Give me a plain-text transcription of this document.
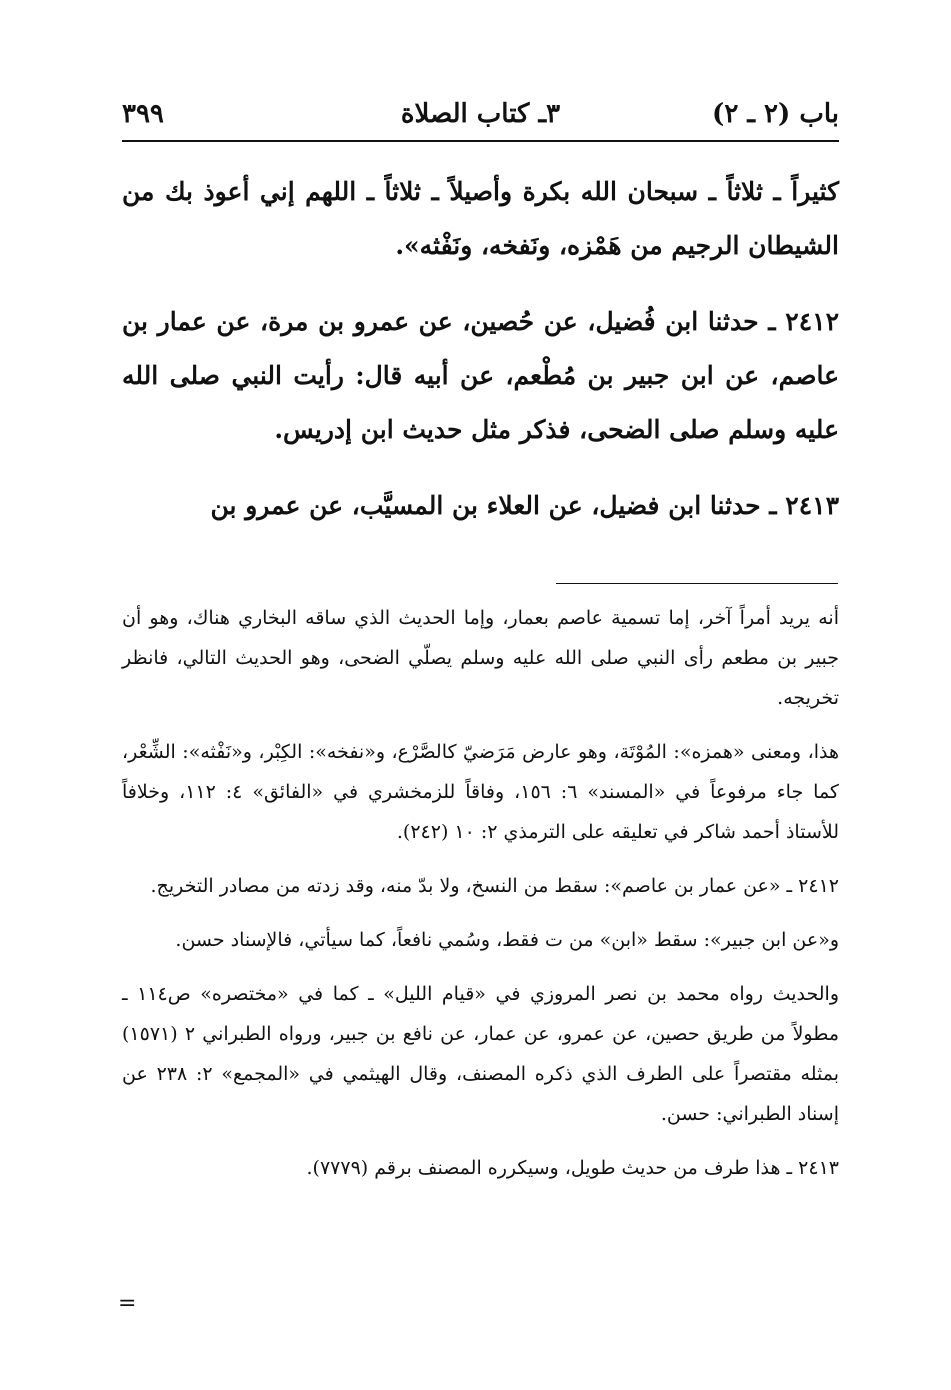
باب (٢ ـ ٢)
٣ـ كتاب الصلاة
٣٩٩

كثيراً ـ ثلاثاً ـ سبحان الله بكرة وأصيلاً ـ ثلاثاً ـ اللهم إني أعوذ بك من الشيطان الرجيم من هَمْزه، ونَفخه، ونَفْثه».

٢٤١٢ ـ حدثنا ابن فُضيل، عن حُصين، عن عمرو بن مرة، عن عمار بن عاصم، عن ابن جبير بن مُطْعم، عن أبيه قال: رأيت النبي صلى الله عليه وسلم صلى الضحى، فذكر مثل حديث ابن إدريس.

٢٤١٣ ـ حدثنا ابن فضيل، عن العلاء بن المسيَّب، عن عمرو بن

أنه يريد أمراً آخر، إما تسمية عاصم بعمار، وإما الحديث الذي ساقه البخاري هناك، وهو أن جبير بن مطعم رأى النبي صلى الله عليه وسلم يصلّي الضحى، وهو الحديث التالي، فانظر تخريجه.

هذا، ومعنى «همزه»: المُوْتَة، وهو عارض مَرَضيّ كالصَّرْع، و«نفخه»: الكِبْر، و«نَفْثه»: الشِّعْر، كما جاء مرفوعاً في «المسند» ٦: ١٥٦، وفاقاً للزمخشري في «الفائق» ٤: ١١٢، وخلافاً للأستاذ أحمد شاكر في تعليقه على الترمذي ٢: ١٠ (٢٤٢).

٢٤١٢ ـ «عن عمار بن عاصم»: سقط من النسخ، ولا بدّ منه، وقد زدته من مصادر التخريج.

و«عن ابن جبير»: سقط «ابن» من ت فقط، وسُمي نافعاً، كما سيأتي، فالإسناد حسن.

والحديث رواه محمد بن نصر المروزي في «قيام الليل» ـ كما في «مختصره» ص١١٤ ـ مطولاً من طريق حصين، عن عمرو، عن عمار، عن نافع بن جبير، ورواه الطبراني ٢ (١٥٧١) بمثله مقتصراً على الطرف الذي ذكره المصنف، وقال الهيثمي في «المجمع» ٢: ٢٣٨ عن إسناد الطبراني: حسن.

٢٤١٣ ـ هذا طرف من حديث طويل، وسيكرره المصنف برقم (٧٧٧٩).

=
